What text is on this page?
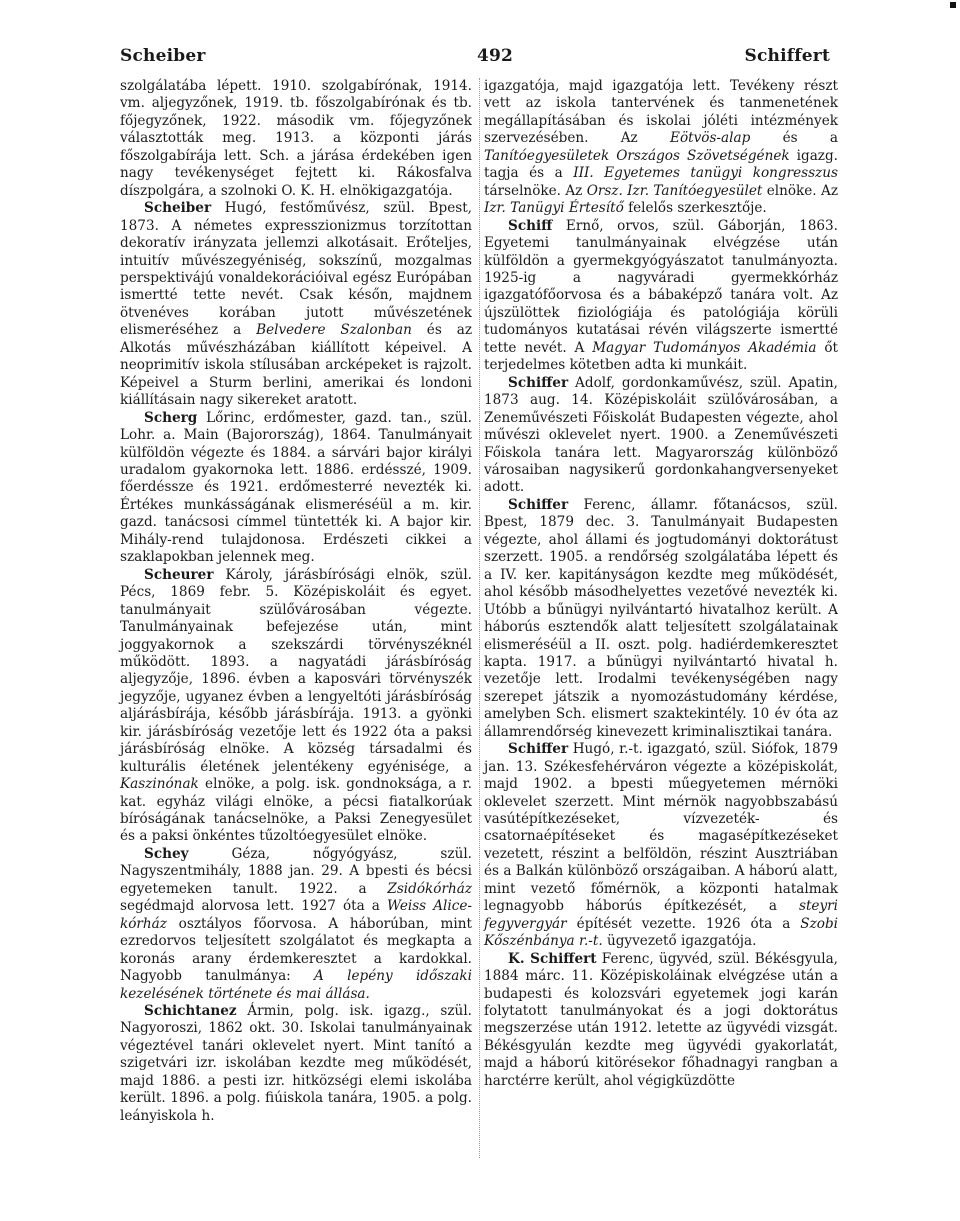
Scheiber	492	Schiffert

szolgálatába lépett. 1910. szolgabírónak, 1914. vm. aljegyzőnek, 1919. tb. főszolgabírónak és tb. főjegyzőnek, 1922. második vm. főjegyzőnek választották meg. 1913. a központi járás főszolgabírája lett. Sch. a járása érdekében igen nagy tevékenységet fejtett ki. Rákosfalva díszpolgára, a szolnoki O. K. H. elnökigazgatója.

Scheiber Hugó, festőművész, szül. Bpest, 1873. A németes expresszionizmus torzítottan dekoratív irányzata jellemzi alkotásait. Erőteljes, intuitív művészegyéniség, sokszínű, mozgalmas perspektivájú vonaldekorációival egész Európában ismertté tette nevét. Csak későn, majdnem ötvenéves korában jutott művészetének elismeréséhez a Belvedere Szalonban és az Alkotás művészházában kiállított képeivel. A neoprimitív iskola stílusában arcképeket is rajzolt. Képeivel a Sturm berlini, amerikai és londoni kiállításain nagy sikereket aratott.

Scherg Lőrinc, erdőmester, gazd. tan., szül. Lohr. a. Main (Bajorország), 1864. Tanulmányait külföldön végezte és 1884. a sárvári bajor királyi uradalom gyakornoka lett. 1886. erdésszé, 1909. főerdéssze és 1921. erdőmesterré nevezték ki. Értékes munkásságának elismeréséül a m. kir. gazd. tanácsosi címmel tüntették ki. A bajor kir. Mihály-rend tulajdonosa. Erdészeti cikkei a szaklapokban jelennek meg.

Scheurer Károly, járásbírósági elnök, szül. Pécs, 1869 febr. 5. Középiskoláit és egyet. tanulmányait szülővárosában végezte. Tanulmányainak befejezése után, mint joggyakornok a szekszárdi törvényszéknél működött. 1893. a nagyatádi járásbíróság aljegyzője, 1896. évben a kaposvári törvényszék jegyzője, ugyanez évben a lengyeltóti járásbíróság aljárásbírája, később járásbírája. 1913. a gyönki kir. járásbíróság vezetője lett és 1922 óta a paksi járásbíróság elnöke. A község társadalmi és kulturális életének jelentékeny egyénisége, a Kaszinónak elnöke, a polg. isk. gondnoksága, a r. kat. egyház világi elnöke, a pécsi fiatalkorúak bíróságának tanácselnöke, a Paksi Zenegyesület és a paksi önkéntes tűzoltóegyesület elnöke.

Schey Géza, nőgyógyász, szül. Nagyszentmihály, 1888 jan. 29. A bpesti és bécsi egyetemeken tanult. 1922. a Zsidókórház segédmajd alorvosa lett. 1927 óta a Weiss Alice-kórház osztályos főorvosa. A háborúban, mint ezredorvos teljesített szolgálatot és megkapta a koronás arany érdemkeresztet a kardokkal. Nagyobb tanulmánya: A lepény időszaki kezelésének története és mai állása.

Schichtanez Ármin, polg. isk. igazg., szül. Nagyoroszi, 1862 okt. 30. Iskolai tanulmányainak végeztével tanári oklevelet nyert. Mint tanító a szigetvári izr. iskolában kezdte meg működését, majd 1886. a pesti izr. hitközségi elemi iskolába került. 1896. a polg. fiúiskola tanára, 1905. a polg. leányiskola h.

igazgatója, majd igazgatója lett. Tevékeny részt vett az iskola tantervének és tanmenetének megállapításában és iskolai jóléti intézmények szervezésében. Az Eötvös-alap és a Tanítóegyesületek Országos Szövetségének igazg. tagja és a III. Egyetemes tanügyi kongresszus társelnöke. Az Orsz. Izr. Tanítóegyesület elnöke. Az Izr. Tanügyi Értesítő felelős szerkesztője.

Schiff Ernő, orvos, szül. Gáborján, 1863. Egyetemi tanulmányainak elvégzése után külföldön a gyermekgyógyászatot tanulmányozta. 1925-ig a nagyváradi gyermekkórház igazgatófőorvosa és a bábaképző tanára volt. Az újszülöttek fiziológiája és patológiája körüli tudományos kutatásai révén világszerte ismertté tette nevét. A Magyar Tudományos Akadémia őt terjedelmes kötetben adta ki munkáit.

Schiffer Adolf, gordonkaművész, szül. Apatin, 1873 aug. 14. Középiskoláit szülővárosában, a Zeneművészeti Főiskolát Budapesten végezte, ahol művészi oklevelet nyert. 1900. a Zeneművészeti Főiskola tanára lett. Magyarország különböző városaiban nagysikerű gordonkahangversenyeket adott.

Schiffer Ferenc, államr. főtanácsos, szül. Bpest, 1879 dec. 3. Tanulmányait Budapesten végezte, ahol állami és jogtudományi doktorátust szerzett. 1905. a rendőrség szolgálatába lépett és a IV. ker. kapitányságon kezdte meg működését, ahol később másodhelyettes vezetővé nevezték ki. Utóbb a bűnügyi nyilvántartó hivatalhoz került. A háborús esztendők alatt teljesített szolgálatainak elismeréséül a II. oszt. polg. hadiérdemkeresztet kapta. 1917. a bűnügyi nyilvántartó hivatal h. vezetője lett. Irodalmi tevékenységében nagy szerepet játszik a nyomozástudomány kérdése, amelyben Sch. elismert szaktekintély. 10 év óta az államrendőrség kinevezett kriminalisztikai tanára.

Schiffer Hugó, r.-t. igazgató, szül. Siófok, 1879 jan. 13. Székesfehérváron végezte a középiskolát, majd 1902. a bpesti műegyetemen mérnöki oklevelet szerzett. Mint mérnök nagyobbszabású vasútépítkezéseket, vízvezeték- és csatornaépítéseket és magasépítkezéseket vezetett, részint a belföldön, részint Ausztriában és a Balkán különböző országaiban. A háború alatt, mint vezető főmérnök, a központi hatalmak legnagyobb háborús építkezését, a steyri fegyvergyár építését vezette. 1926 óta a Szobi Kőszénbánya r.-t. ügyvezető igazgatója.

K. Schiffert Ferenc, ügyvéd, szül. Békésgyula, 1884 márc. 11. Középiskoláinak elvégzése után a budapesti és kolozsvári egyetemek jogi karán folytatott tanulmányokat és a jogi doktorátus megszerzése után 1912. letette az ügyvédi vizsgát. Békésgyulán kezdte meg ügyvédi gyakorlatát, majd a háború kitörésekor főhadnagyi rangban a harctérre került, ahol végigküzdötte
